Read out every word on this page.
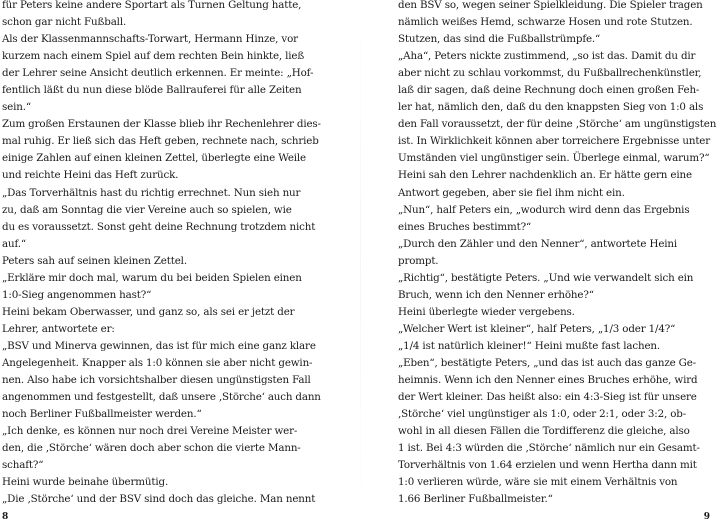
für Peters keine andere Sportart als Turnen Geltung hatte,
schon gar nicht Fußball.
Als der Klassenmannschafts-Torwart, Hermann Hinze, vor
kurzem nach einem Spiel auf dem rechten Bein hinkte, ließ
der Lehrer seine Ansicht deutlich erkennen. Er meinte: „Hof-
fentlich läßt du nun diese blöde Ballrauferei für alle Zeiten
sein.“
Zum großen Erstaunen der Klasse blieb ihr Rechenlehrer dies-
mal ruhig. Er ließ sich das Heft geben, rechnete nach, schrieb
einige Zahlen auf einen kleinen Zettel, überlegte eine Weile
und reichte Heini das Heft zurück.
„Das Torverhältnis hast du richtig errechnet. Nun sieh nur
zu, daß am Sonntag die vier Vereine auch so spielen, wie
du es voraussetzt. Sonst geht deine Rechnung trotzdem nicht
auf.“
Peters sah auf seinen kleinen Zettel.
„Erkläre mir doch mal, warum du bei beiden Spielen einen
1:0-Sieg angenommen hast?“
Heini bekam Oberwasser, und ganz so, als sei er jetzt der
Lehrer, antwortete er:
„BSV und Minerva gewinnen, das ist für mich eine ganz klare
Angelegenheit. Knapper als 1:0 können sie aber nicht gewin-
nen. Also habe ich vorsichtshalber diesen ungünstigsten Fall
angenommen und festgestellt, daß unsere ‚Störche‘ auch dann
noch Berliner Fußballmeister werden.“
„Ich denke, es können nur noch drei Vereine Meister wer-
den, die ‚Störche‘ wären doch aber schon die vierte Mann-
schaft?“
Heini wurde beinahe übermütig.
„Die ‚Störche‘ und der BSV sind doch das gleiche. Man nennt
8
den BSV so, wegen seiner Spielkleidung. Die Spieler tragen
nämlich weißes Hemd, schwarze Hosen und rote Stutzen.
Stutzen, das sind die Fußballstrümpfe.“
„Aha“, Peters nickte zustimmend, „so ist das. Damit du dir
aber nicht zu schlau vorkommst, du Fußballrechenkünstler,
laß dir sagen, daß deine Rechnung doch einen großen Feh-
ler hat, nämlich den, daß du den knappsten Sieg von 1:0 als
den Fall voraussetzt, der für deine ‚Störche‘ am ungünstigsten
ist. In Wirklichkeit können aber torreichere Ergebnisse unter
Umständen viel ungünstiger sein. Überlege einmal, warum?“
Heini sah den Lehrer nachdenklich an. Er hätte gern eine
Antwort gegeben, aber sie fiel ihm nicht ein.
„Nun“, half Peters ein, „wodurch wird denn das Ergebnis
eines Bruches bestimmt?“
„Durch den Zähler und den Nenner“, antwortete Heini
prompt.
„Richtig“, bestätigte Peters. „Und wie verwandelt sich ein
Bruch, wenn ich den Nenner erhöhe?“
Heini überlegte wieder vergebens.
„Welcher Wert ist kleiner“, half Peters, „1/3 oder 1/4?“
„1/4 ist natürlich kleiner!“ Heini mußte fast lachen.
„Eben“, bestätigte Peters, „und das ist auch das ganze Ge-
heimnis. Wenn ich den Nenner eines Bruches erhöhe, wird
der Wert kleiner. Das heißt also: ein 4:3-Sieg ist für unsere
‚Störche‘ viel ungünstiger als 1:0, oder 2:1, oder 3:2, ob-
wohl in all diesen Fällen die Tordifferenz die gleiche, also
1 ist. Bei 4:3 würden die ‚Störche‘ nämlich nur ein Gesamt-
Torverhältnis von 1.64 erzielen und wenn Hertha dann mit
1:0 verlieren würde, wäre sie mit einem Verhältnis von
1.66 Berliner Fußballmeister.“
9
